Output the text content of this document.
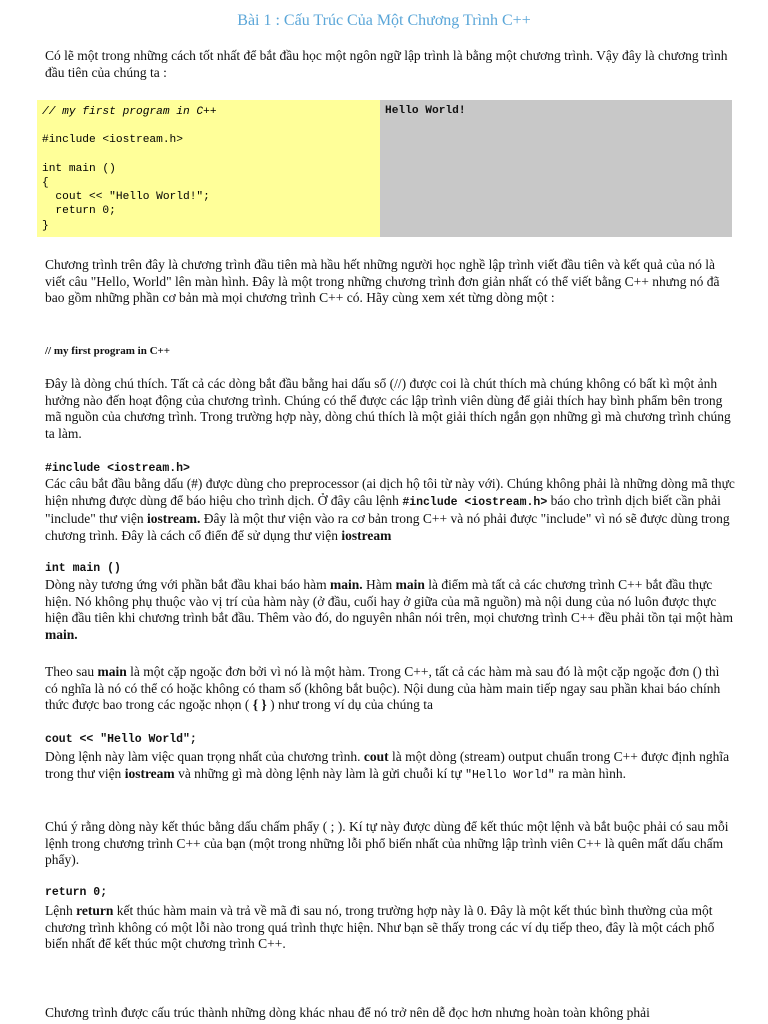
Bài 1 : Cấu Trúc Của Một Chương Trình C++
Có lẽ một trong những cách tốt nhất để bắt đầu học một ngôn ngữ lập trình là bằng một chương trình. Vậy đây là chương trình đầu tiên của chúng ta :
// my first program in C++

#include <iostream.h>

int main ()
{
cout << "Hello World!";
return 0;
}
Hello World!
Chương trình trên đây là chương trình đầu tiên mà hầu hết những người học nghề lập trình viết đầu tiên và kết quả của nó là viết câu "Hello, World" lên màn hình. Đây là một trong những chương trình đơn giản nhất có thể viết bằng C++ nhưng nó đã bao gồm những phần cơ bản mà mọi chương trình C++ có. Hãy cùng xem xét từng dòng một :
// my first program in C++
Đây là dòng chú thích. Tất cả các dòng bắt đầu bằng hai dấu sổ (//) được coi là chút thích mà chúng không có bất kì một ảnh hưởng nào đến hoạt động của chương trình. Chúng có thể được các lập trình viên dùng để giải thích hay bình phẩm bên trong mã nguồn của chương trình. Trong trường hợp này, dòng chú thích là một giải thích ngắn gọn những gì mà chương trình chúng ta làm.
#include <iostream.h>
Các câu bắt đầu bằng dấu (#) được dùng cho preprocessor (ai dịch hộ tôi từ này với). Chúng không phải là những dòng mã thực hiện nhưng được dùng để báo hiệu cho trình dịch. Ở đây câu lệnh #include <iostream.h> báo cho trình dịch biết cần phải "include" thư viện iostream. Đây là một thư viện vào ra cơ bản trong C++ và nó phải được "include" vì nó sẽ được dùng trong chương trình. Đây là cách cổ điển để sử dụng thư viện iostream
int main ()
Dòng này tương ứng với phần bắt đầu khai báo hàm main. Hàm main là điểm mà tất cả các chương trình C++ bắt đầu thực hiện. Nó không phụ thuộc vào vị trí của hàm này (ở đầu, cuối hay ở giữa của mã nguồn) mà nội dung của nó luôn được thực hiện đầu tiên khi chương trình bắt đầu. Thêm vào đó, do nguyên nhân nói trên, mọi chương trình C++ đều phải tồn tại một hàm main.
Theo sau main là một cặp ngoặc đơn bởi vì nó là một hàm. Trong C++, tất cả các hàm mà sau đó là một cặp ngoặc đơn () thì có nghĩa là nó có thể có hoặc không có tham số (không bắt buộc). Nội dung của hàm main tiếp ngay sau phần khai báo chính thức được bao trong các ngoặc nhọn ( { } ) như trong ví dụ của chúng ta
cout << "Hello World";
Dòng lệnh này làm việc quan trọng nhất của chương trình. cout là một dòng (stream) output chuẩn trong C++ được định nghĩa trong thư viện iostream và những gì mà dòng lệnh này làm là gửi chuỗi kí tự "Hello World" ra màn hình.
Chú ý rằng dòng này kết thúc bằng dấu chấm phẩy ( ; ). Kí tự này được dùng để kết thúc một lệnh và bắt buộc phải có sau mỗi lệnh trong chương trình C++ của bạn (một trong những lỗi phổ biến nhất của những lập trình viên C++ là quên mất dấu chấm phẩy).
return 0;
Lệnh return kết thúc hàm main và trả về mã đi sau nó, trong trường hợp này là 0. Đây là một kết thúc bình thường của một chương trình không có một lỗi nào trong quá trình thực hiện. Như bạn sẽ thấy trong các ví dụ tiếp theo, đây là một cách phổ biến nhất để kết thúc một chương trình C++.
Chương trình được cấu trúc thành những dòng khác nhau để nó trở nên dễ đọc hơn nhưng hoàn toàn không phải
